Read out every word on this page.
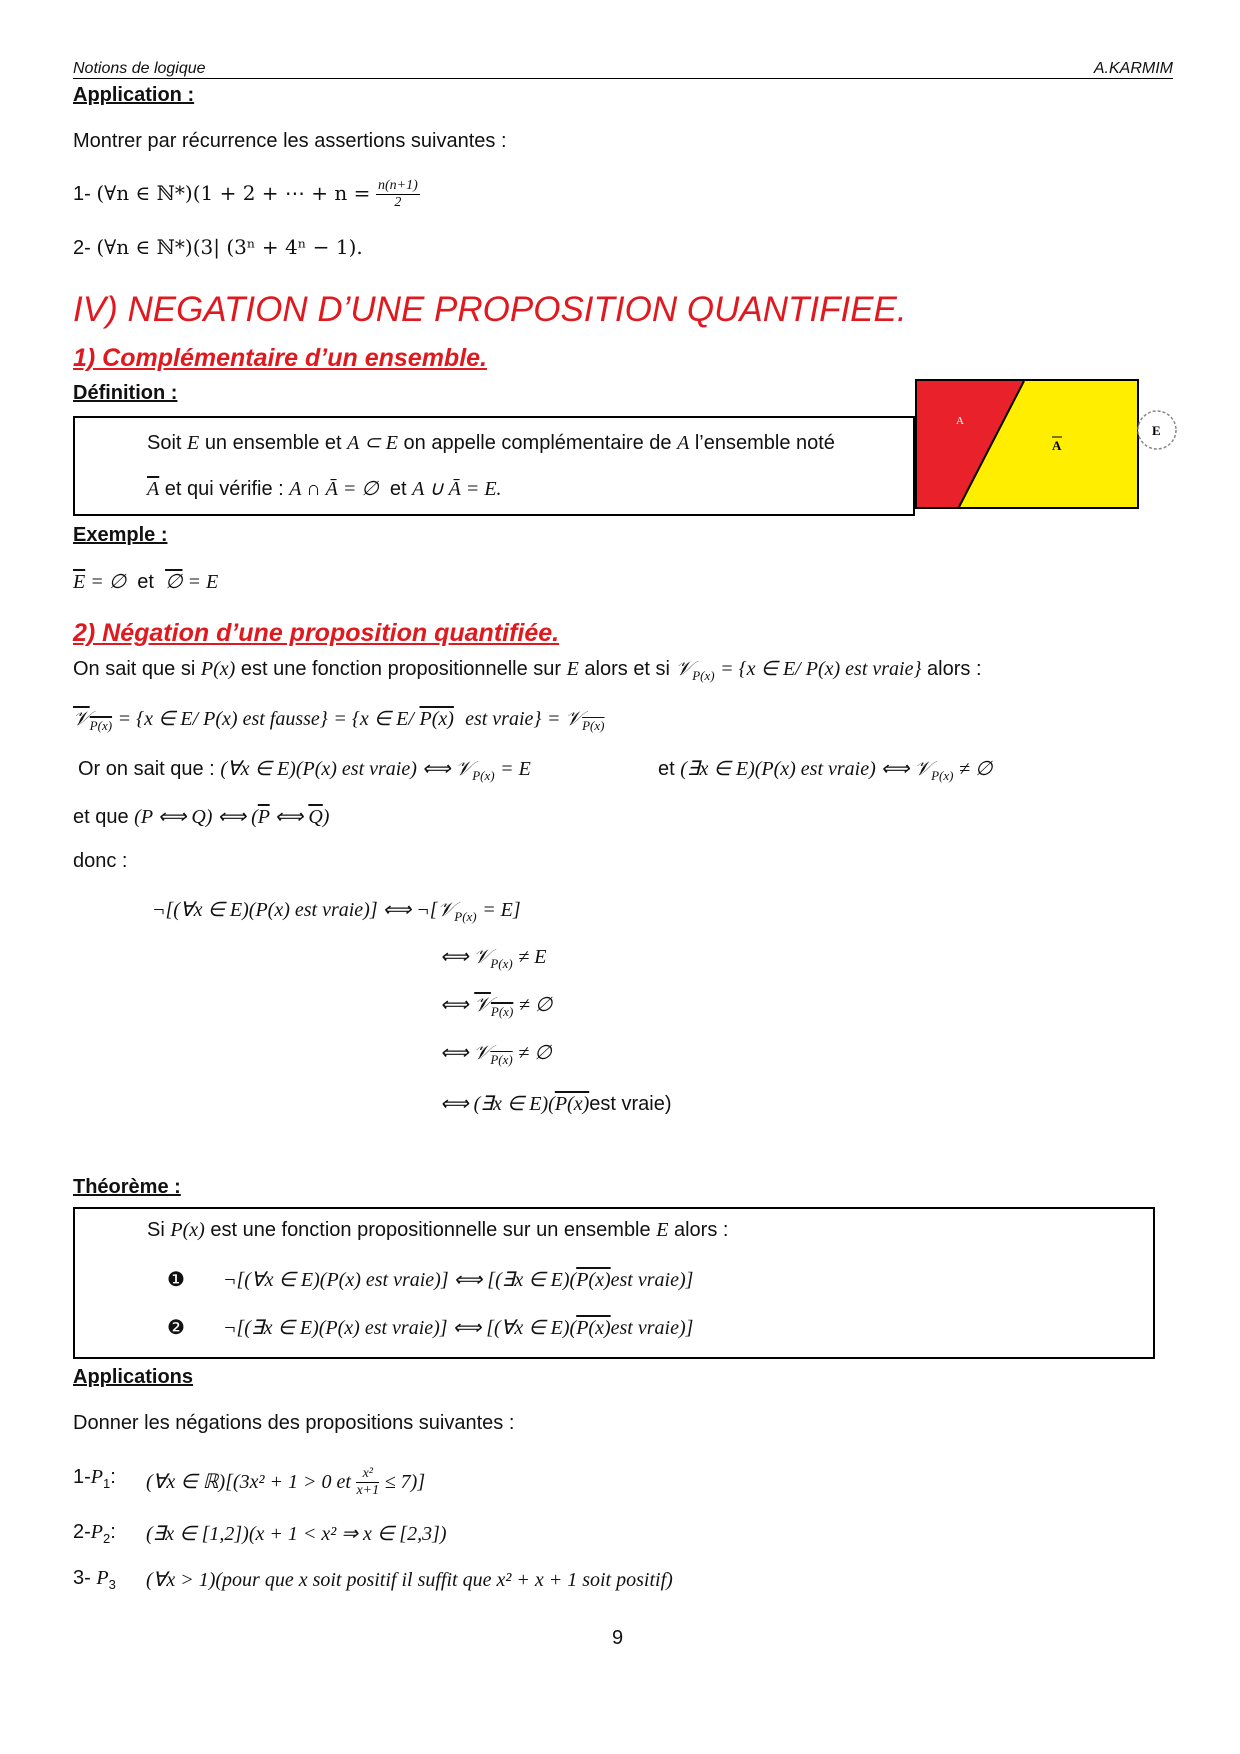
Notions de logique	A.KARMIM
Application :
Montrer par récurrence les assertions suivantes :
1- (∀n ∈ ℕ*)(1 + 2 + ⋯ + $n = \frac{n(n+1)}{2}$
2- (∀n ∈ ℕ*)(3| (3ⁿ + 4ⁿ − 1).
IV) NEGATION D’UNE PROPOSITION QUANTIFIEE.
1) Complémentaire d’un ensemble.
Définition :
Soit E un ensemble et A ⊂ E on appelle complémentaire de A l’ensemble noté
$\overline{A}$ et qui vérifie : A ∩ Ā = ∅ et A ∪ Ā = E.
A
A
E
Exemple :
$\overline{E}$ = ∅ et ∅ = E
2) Négation d’une proposition quantifiée.
On sait que si P(x) est une fonction propositionnelle sur E alors et si 𝒱$_{P(x)}$ = {x ∈ E/ P(x) est vraie} alors :
𝒱$_{P(x)}$ = {x ∈ E/ P(x) est fausse} = {x ∈ E/ P(x) est vraie} = 𝒱$_{P(x)}$
Or on sait que : (∀x ∈ E)(P(x) est vraie) ⟺ 𝒱$_{P(x)}$ = E	et (∃x ∈ E)(P(x) est vraie) ⟺ 𝒱$_{P(x)}$ ≠ ∅
et que (P ⟺ Q) ⟺ ($\overline{P}$ ⟺ $\overline{Q}$)
donc :
¬[(∀x ∈ E)(P(x) est vraie)] ⟺ ¬[𝒱$_{P(x)}$ = E]
⟺ 𝒱$_{P(x)}$ ≠ E
⟺ 𝒱$_{P(x)}$ ≠ ∅
⟺ 𝒱$_{P(x)}$ ≠ ∅
⟺ (∃x ∈ E)(P(x)est vraie)
Théorème :
Si P(x) est une fonction propositionnelle sur un ensemble E alors :
❶ ¬[(∀x ∈ E)(P(x) est vraie)] ⟺ [(∃x ∈ E)(P(x)est vraie)]
❷ ¬[(∃x ∈ E)(P(x) est vraie)] ⟺ [(∀x ∈ E)(P(x)est vraie)]
Applications
Donner les négations des propositions suivantes :
$1-P_1$: (∀x ∈ ℝ)[(3x² + 1 > 0 et $\frac{\text{x²}}{x+1} \le 7$)]
$2-P_2$: (∃x ∈ [1,2])(x + 1 < x² ⇒ x ∈ [2,3])
3- $P_3$ (∀x > 1)(pour que x soit positif il suffit que x² + x + 1 soit positif)
9
